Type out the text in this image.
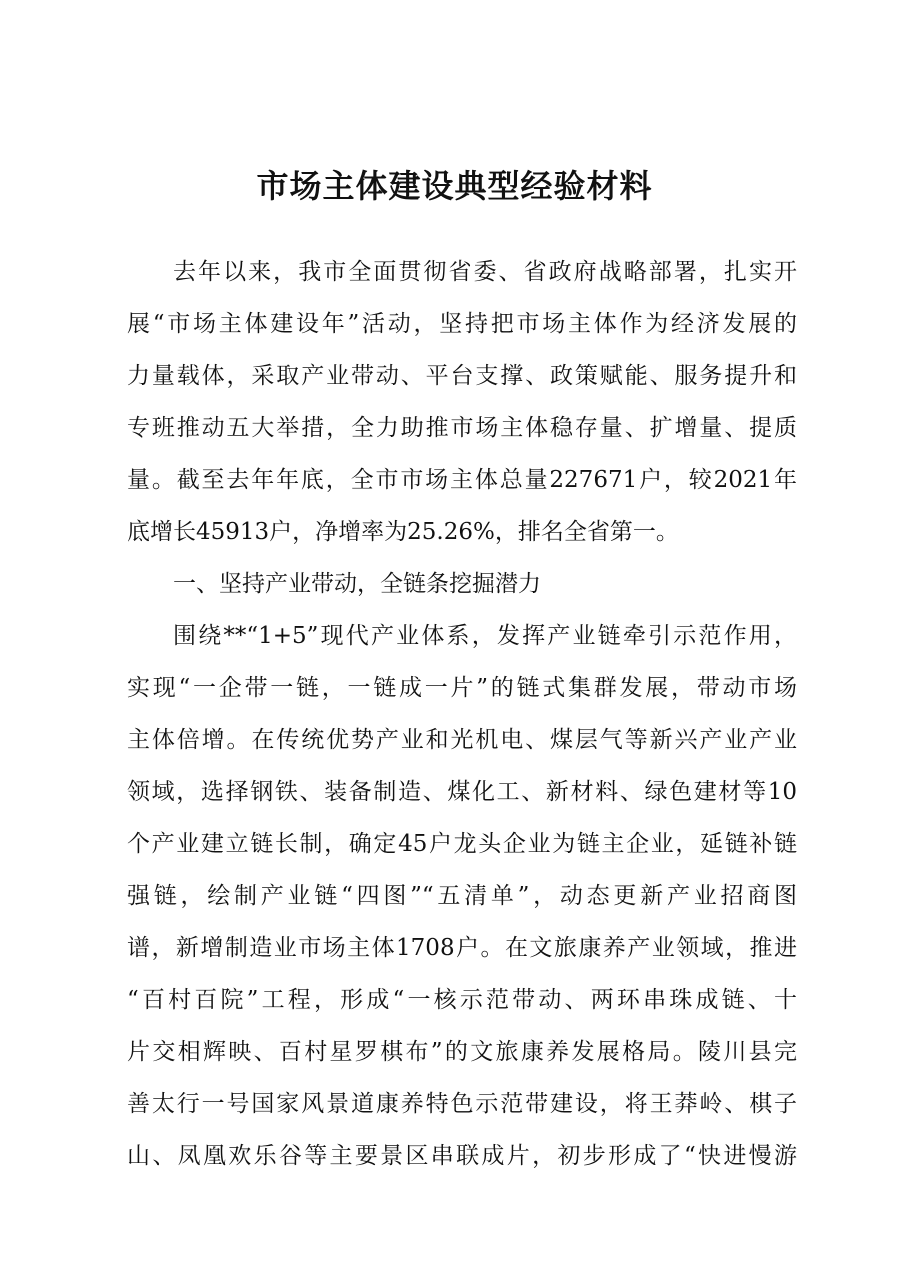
市场主体建设典型经验材料
去年以来，我市全面贯彻省委、省政府战略部署，扎实开
展“市场主体建设年”活动，坚持把市场主体作为经济发展的
力量载体，采取产业带动、平台支撑、政策赋能、服务提升和
专班推动五大举措，全力助推市场主体稳存量、扩增量、提质
量。截至去年年底，全市市场主体总量227671户，较2021年
底增长45913户，净增率为25.26%，排名全省第一。
一、坚持产业带动，全链条挖掘潜力
围绕**“1+5”现代产业体系，发挥产业链牵引示范作用，
实现“一企带一链，一链成一片”的链式集群发展，带动市场
主体倍增。在传统优势产业和光机电、煤层气等新兴产业产业
领域，选择钢铁、装备制造、煤化工、新材料、绿色建材等10
个产业建立链长制，确定45户龙头企业为链主企业，延链补链
强链，绘制产业链“四图”“五清单”，动态更新产业招商图
谱，新增制造业市场主体1708户。在文旅康养产业领域，推进
“百村百院”工程，形成“一核示范带动、两环串珠成链、十
片交相辉映、百村星罗棋布”的文旅康养发展格局。陵川县完
善太行一号国家风景道康养特色示范带建设，将王莽岭、棋子
山、凤凰欢乐谷等主要景区串联成片，初步形成了“快进慢游
